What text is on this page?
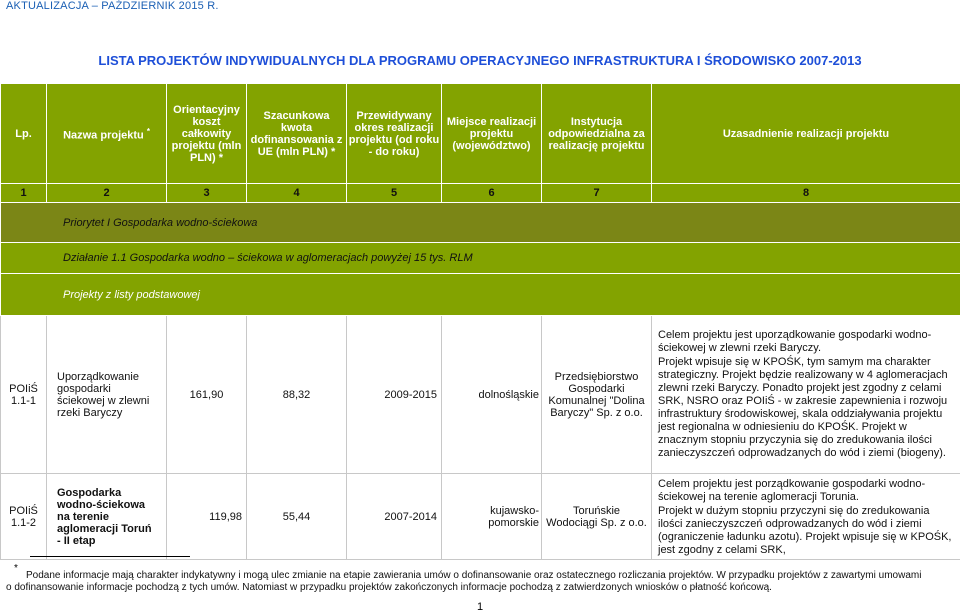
AKTUALIZACJA – PAŹDZIERNIK 2015 R.
LISTA PROJEKTÓW INDYWIDUALNYCH DLA PROGRAMU OPERACYJNEGO INFRASTRUKTURA I ŚRODOWISKO 2007-2013
Lp.	Nazwa projektu *	Orientacyjny koszt całkowity projektu (mln PLN) *	Szacunkowa kwota dofinansowania z UE (mln PLN) *	Przewidywany okres realizacji projektu (od roku - do roku)	Miejsce realizacji projektu (województwo)	Instytucja odpowiedzialna za realizację projektu	Uzasadnienie realizacji projektu
1	2	3	4	5	6	7	8
Priorytet I Gospodarka wodno-ściekowa							
Działanie 1.1 Gospodarka wodno – ściekowa w aglomeracjach powyżej 15 tys. RLM							
Projekty z listy podstawowej							
POIiŚ 1.1-1	Uporządkowanie gospodarki ściekowej w zlewni rzeki Baryczy	161,90	88,32	2009-2015	dolnośląskie	Przedsiębiorstwo Gospodarki Komunalnej "Dolina Baryczy" Sp. z o.o.	Celem projektu jest uporządkowanie gospodarki wodno-ściekowej w zlewni rzeki Baryczy.

Projekt wpisuje się w KPOŚK, tym samym ma charakter strategiczny. Projekt będzie realizowany w 4 aglomeracjach zlewni rzeki Baryczy. Ponadto projekt jest zgodny z celami SRK, NSRO oraz POIiŚ - w zakresie zapewnienia i rozwoju infrastruktury środowiskowej, skala oddziaływania projektu jest regionalna w odniesieniu do KPOŚK. Projekt w znacznym stopniu przyczynia się do zredukowania ilości zanieczyszczeń odprowadzanych do wód i ziemi (biogeny).

POIiŚ 1.1-2	Gospodarka wodno-ściekowa na terenie aglomeracji Toruń - II etap	119,98	55,44	2007-2014	kujawsko-pomorskie	Toruńskie Wodociągi Sp. z o.o.	Celem projektu jest porządkowanie gospodarki wodno-ściekowej na terenie aglomeracji Torunia.

Projekt w dużym stopniu przyczyni się do zredukowania ilości zanieczyszczeń odprowadzanych do wód i ziemi (ograniczenie ładunku azotu). Projekt wpisuje się w KPOŚK, jest zgodny z celami SRK,

*
Podane informacje mają charakter indykatywny i mogą ulec zmianie na etapie zawierania umów o dofinansowanie oraz ostatecznego rozliczania projektów. W przypadku projektów z zawartymi umowami
o dofinansowanie informacje pochodzą z tych umów. Natomiast w przypadku projektów zakończonych informacje pochodzą z zatwierdzonych wniosków o płatność końcową.
1
